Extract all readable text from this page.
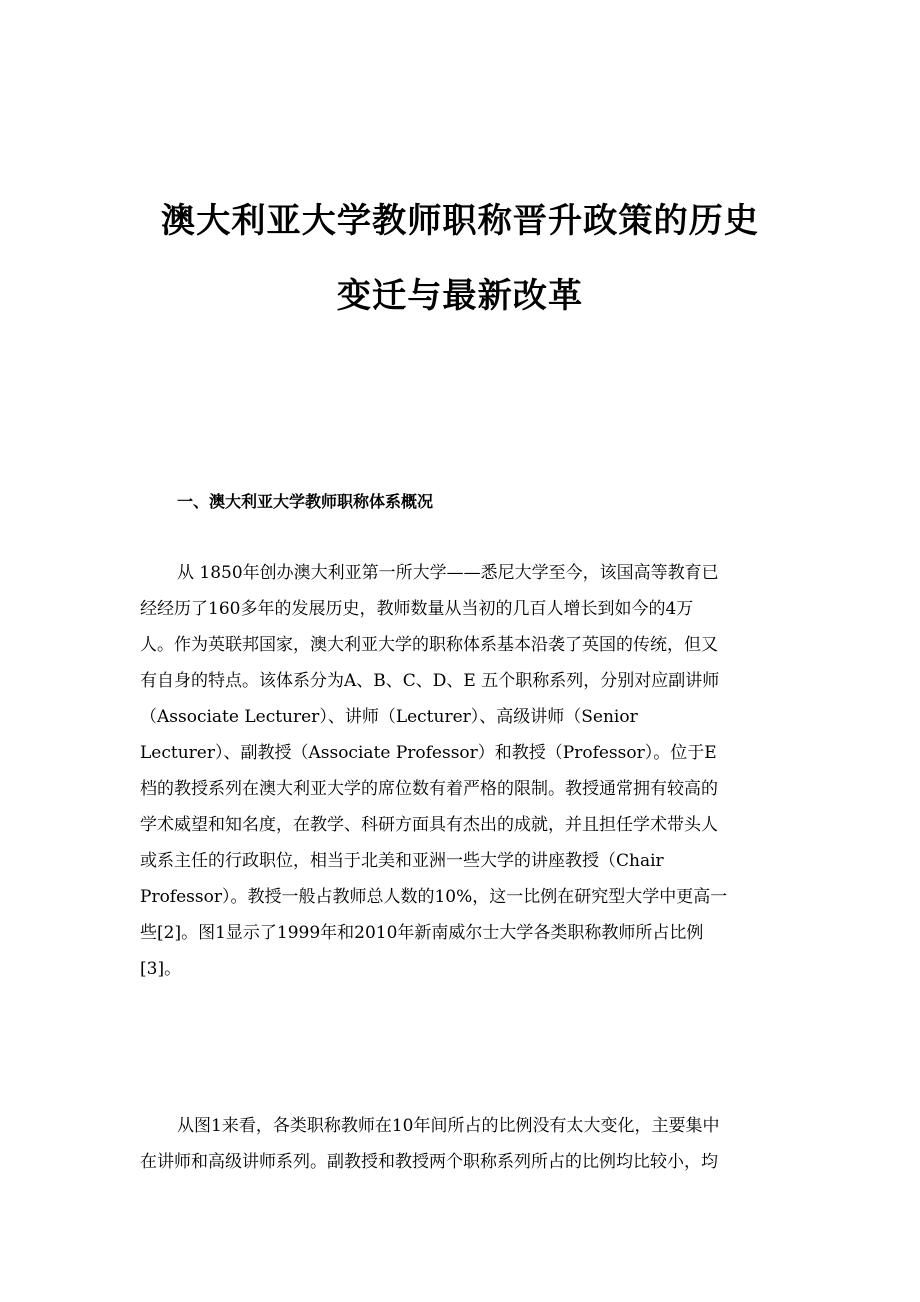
澳大利亚大学教师职称晋升政策的历史
变迁与最新改革
一、澳大利亚大学教师职称体系概况
从 1850年创办澳大利亚第一所大学——悉尼大学至今，该国高等教育已
经经历了160多年的发展历史，教师数量从当初的几百人增长到如今的4万
人。作为英联邦国家，澳大利亚大学的职称体系基本沿袭了英国的传统，但又
有自身的特点。该体系分为A、B、C、D、E 五个职称系列，分别对应副讲师
（Associate Lecturer）、讲师（Lecturer）、高级讲师（Senior
Lecturer）、副教授（Associate Professor）和教授（Professor）。位于E
档的教授系列在澳大利亚大学的席位数有着严格的限制。教授通常拥有较高的
学术威望和知名度，在教学、科研方面具有杰出的成就，并且担任学术带头人
或系主任的行政职位，相当于北美和亚洲一些大学的讲座教授（Chair
Professor）。教授一般占教师总人数的10%，这一比例在研究型大学中更高一
些[2]。图1显示了1999年和2010年新南威尔士大学各类职称教师所占比例
[3]。
从图1来看，各类职称教师在10年间所占的比例没有太大变化，主要集中
在讲师和高级讲师系列。副教授和教授两个职称系列所占的比例均比较小，均
